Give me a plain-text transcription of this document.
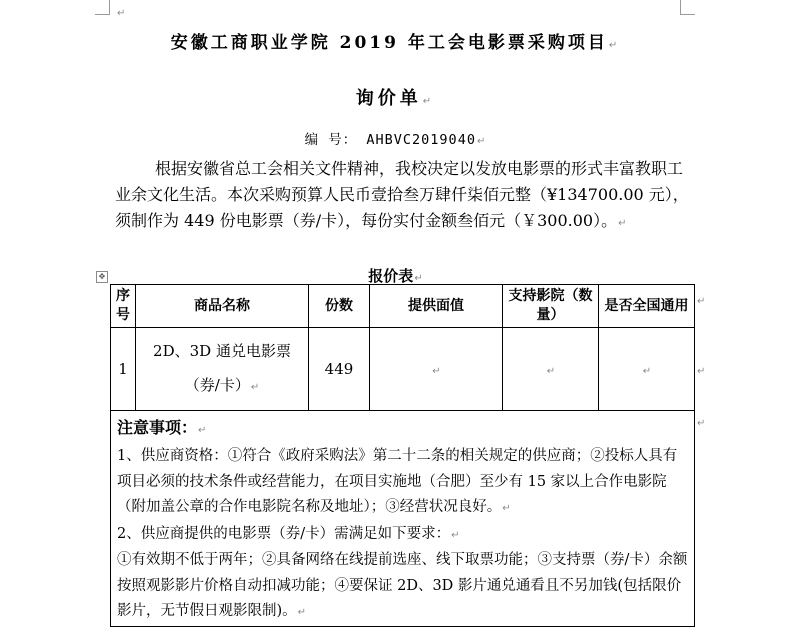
↵
安徽工商职业学院 2019 年工会电影票采购项目↵
询价单↵
编 号： AHBVC2019040↵

根据安徽省总工会相关文件精神，我校决定以发放电影票的形式丰富教职工业余文化生活。本次采购预算人民币壹拾叁万肆仟柒佰元整（¥134700.00 元），须制作为 449 份电影票（券/卡），每份实付金额叁佰元（￥300.00）。↵

报价表↵
✥
序号	商品名称	份数	提供面值	支持影院（数量）	是否全国通用
1	2D、3D 通兑电影票
（券/卡）↵	449	↵	↵	↵

注意事项：↵

1、供应商资格：①符合《政府采购法》第二十二条的相关规定的供应商；②投标人具有项目必须的技术条件或经营能力，在项目实施地（合肥）至少有 15 家以上合作电影院（附加盖公章的合作电影院名称及地址）；③经营状况良好。↵

2、供应商提供的电影票（券/卡）需满足如下要求：↵

①有效期不低于两年；②具备网络在线提前选座、线下取票功能；③支持票（券/卡）余额按照观影影片价格自动扣减功能；④要保证 2D、3D 影片通兑通看且不另加钱(包括限价影片，无节假日观影限制)。↵					

↵
↵
↵
